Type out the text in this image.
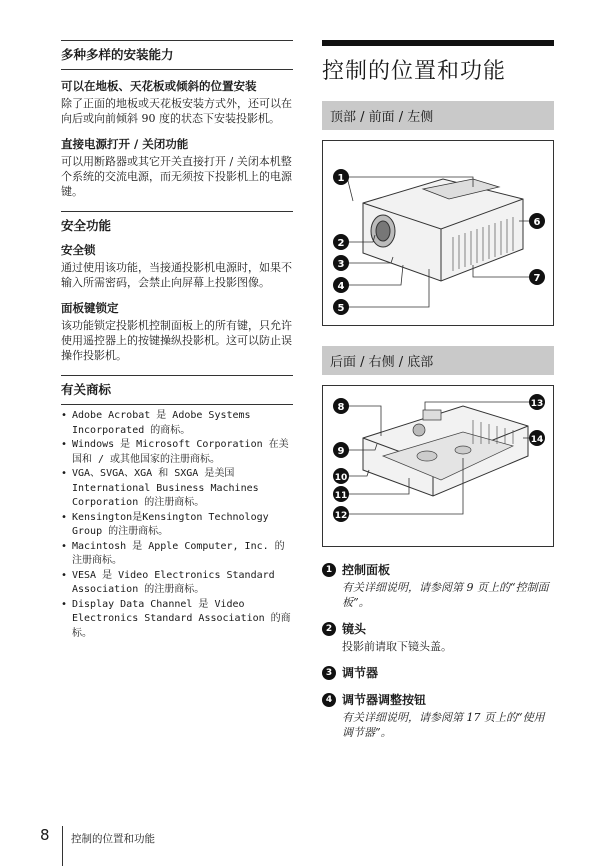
多种多样的安装能力
可以在地板、天花板或倾斜的位置安装
除了正面的地板或天花板安装方式外，还可以在向后或向前倾斜 90 度的状态下安装投影机。
直接电源打开 / 关闭功能
可以用断路器或其它开关直接打开 / 关闭本机整个系统的交流电源，而无须按下投影机上的电源键。
安全功能
安全锁
通过使用该功能，当接通投影机电源时，如果不输入所需密码，会禁止向屏幕上投影图像。
面板键锁定
该功能锁定投影机控制面板上的所有键，只允许使用遥控器上的按键操纵投影机。这可以防止误操作投影机。
有关商标
• Adobe Acrobat 是 Adobe Systems Incorporated 的商标。
• Windows 是 Microsoft Corporation 在美国和 / 或其他国家的注册商标。
• VGA、SVGA、XGA 和 SXGA 是美国 International Business Machines Corporation 的注册商标。
• Kensington是Kensington Technology Group 的注册商标。
• Macintosh 是 Apple Computer, Inc. 的注册商标。
• VESA 是 Video Electronics Standard Association 的注册商标。
• Display Data Channel 是 Video Electronics Standard Association 的商标。
控制的位置和功能
顶部 / 前面 / 左侧
1
2
3
4
5
6
7
后面 / 右侧 / 底部
8
9
10
11
12
13
14
1 控制面板
有关详细说明，请参阅第 9 页上的“控制面板”。
2 镜头
投影前请取下镜头盖。
3 调节器
4 调节器调整按钮
有关详细说明，请参阅第 17 页上的“使用调节器”。
8 控制的位置和功能
